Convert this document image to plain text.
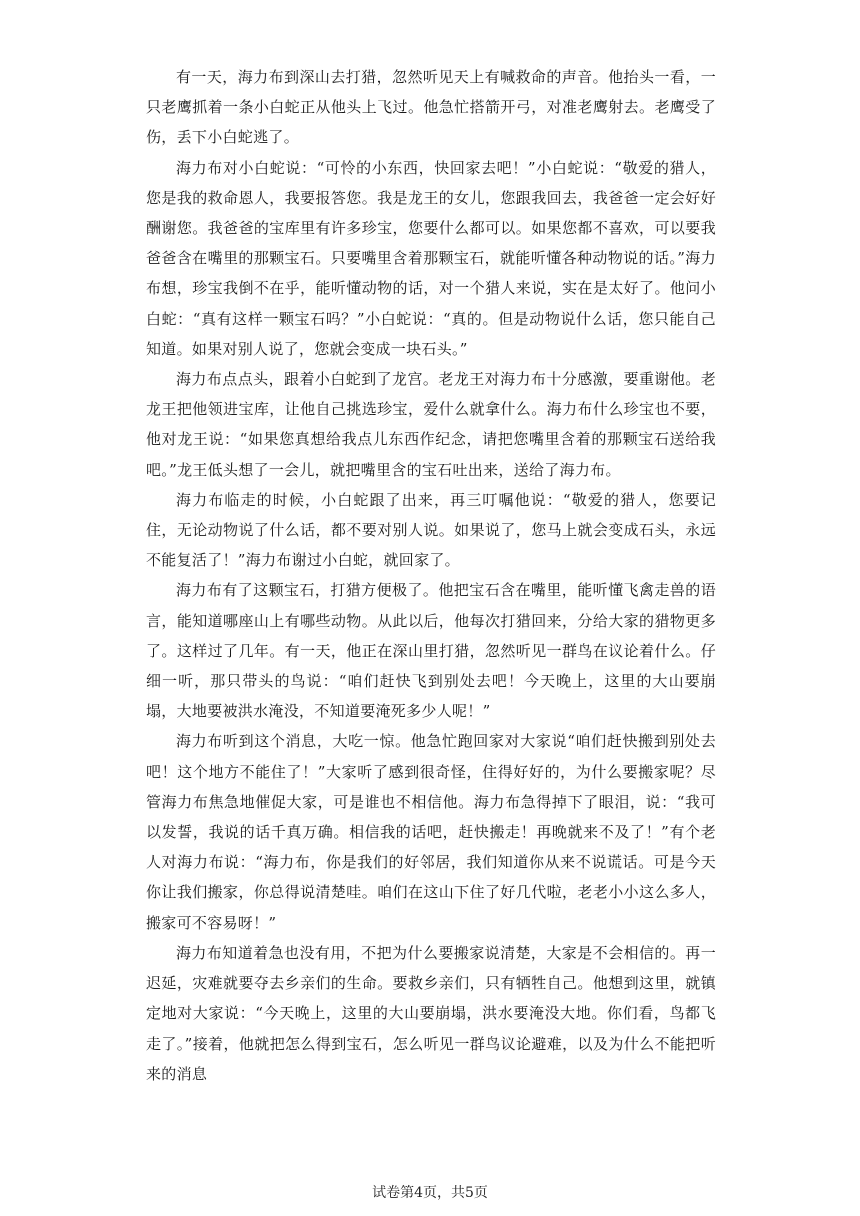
有一天，海力布到深山去打猎，忽然听见天上有喊救命的声音。他抬头一看，一只老鹰抓着一条小白蛇正从他头上飞过。他急忙搭箭开弓，对准老鹰射去。老鹰受了伤，丢下小白蛇逃了。

海力布对小白蛇说：“可怜的小东西，快回家去吧！”小白蛇说：“敬爱的猎人，您是我的救命恩人，我要报答您。我是龙王的女儿，您跟我回去，我爸爸一定会好好酬谢您。我爸爸的宝库里有许多珍宝，您要什么都可以。如果您都不喜欢，可以要我爸爸含在嘴里的那颗宝石。只要嘴里含着那颗宝石，就能听懂各种动物说的话。”海力布想，珍宝我倒不在乎，能听懂动物的话，对一个猎人来说，实在是太好了。他问小白蛇：“真有这样一颗宝石吗？”小白蛇说：“真的。但是动物说什么话，您只能自己知道。如果对别人说了，您就会变成一块石头。”

海力布点点头，跟着小白蛇到了龙宫。老龙王对海力布十分感激，要重谢他。老龙王把他领进宝库，让他自己挑选珍宝，爱什么就拿什么。海力布什么珍宝也不要，他对龙王说：“如果您真想给我点儿东西作纪念，请把您嘴里含着的那颗宝石送给我吧。”龙王低头想了一会儿，就把嘴里含的宝石吐出来，送给了海力布。

海力布临走的时候，小白蛇跟了出来，再三叮嘱他说：“敬爱的猎人，您要记住，无论动物说了什么话，都不要对别人说。如果说了，您马上就会变成石头，永远不能复活了！”海力布谢过小白蛇，就回家了。

海力布有了这颗宝石，打猎方便极了。他把宝石含在嘴里，能听懂飞禽走兽的语言，能知道哪座山上有哪些动物。从此以后，他每次打猎回来，分给大家的猎物更多了。这样过了几年。有一天，他正在深山里打猎，忽然听见一群鸟在议论着什么。仔细一听，那只带头的鸟说：“咱们赶快飞到别处去吧！今天晚上，这里的大山要崩塌，大地要被洪水淹没，不知道要淹死多少人呢！”

海力布听到这个消息，大吃一惊。他急忙跑回家对大家说“咱们赶快搬到别处去吧！这个地方不能住了！”大家听了感到很奇怪，住得好好的，为什么要搬家呢？尽管海力布焦急地催促大家，可是谁也不相信他。海力布急得掉下了眼泪，说：“我可以发誓，我说的话千真万确。相信我的话吧，赶快搬走！再晚就来不及了！”有个老人对海力布说：“海力布，你是我们的好邻居，我们知道你从来不说谎话。可是今天你让我们搬家，你总得说清楚哇。咱们在这山下住了好几代啦，老老小小这么多人，搬家可不容易呀！”

海力布知道着急也没有用，不把为什么要搬家说清楚，大家是不会相信的。再一迟延，灾难就要夺去乡亲们的生命。要救乡亲们，只有牺牲自己。他想到这里，就镇定地对大家说：“今天晚上，这里的大山要崩塌，洪水要淹没大地。你们看，鸟都飞走了。”接着，他就把怎么得到宝石，怎么听见一群鸟议论避难，以及为什么不能把听来的消息

试卷第4页，共5页
